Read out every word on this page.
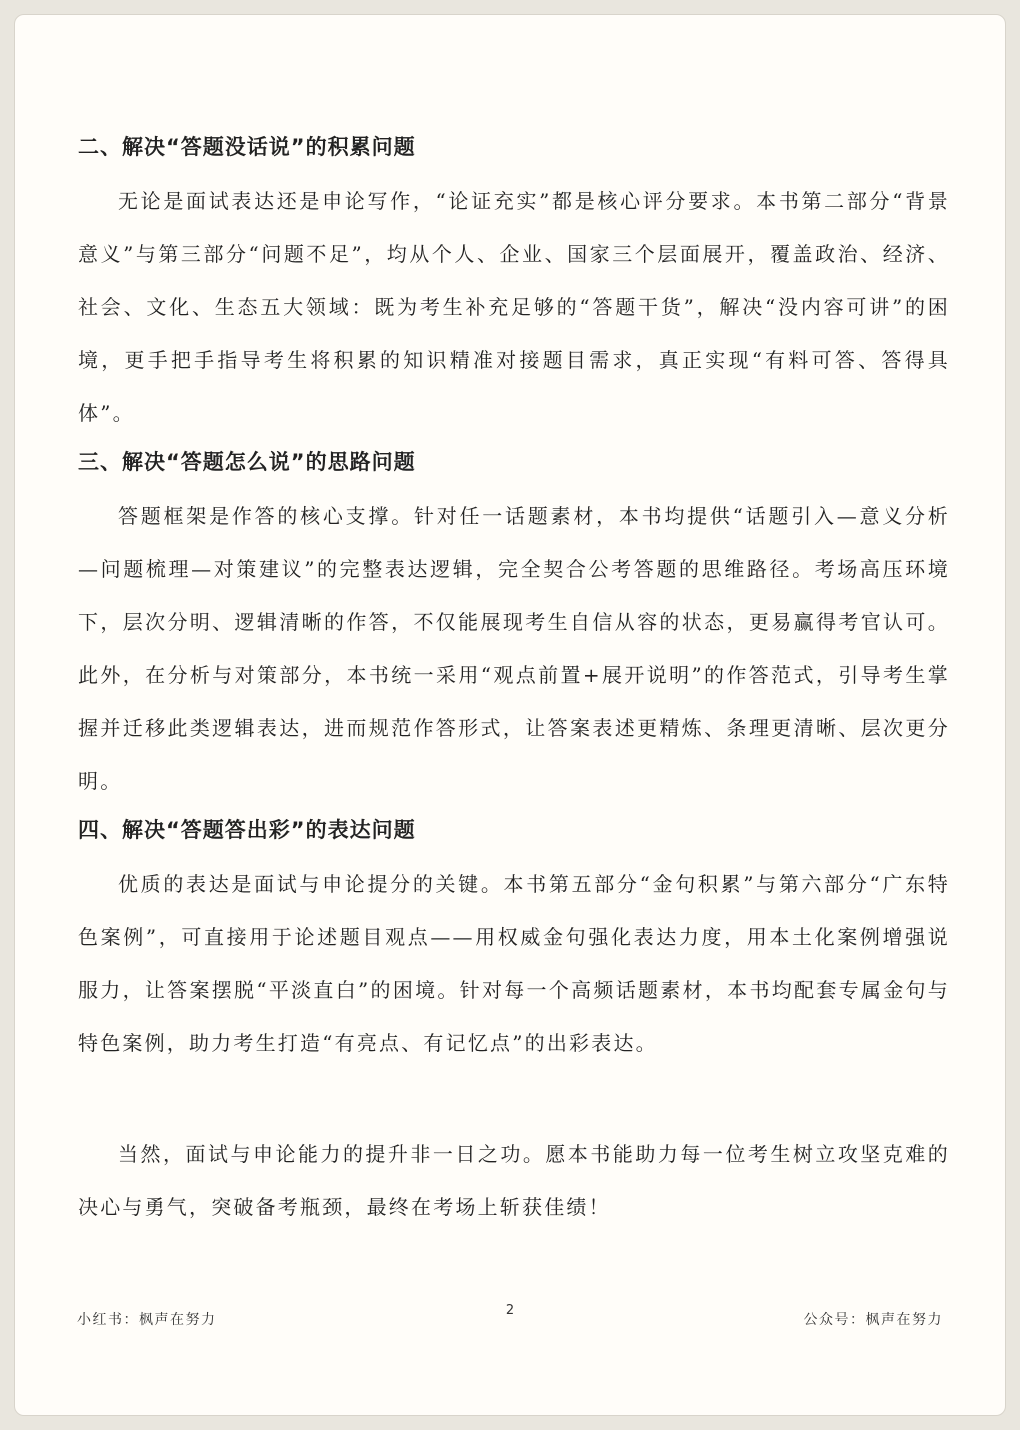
二、解决“答题没话说”的积累问题
无论是面试表达还是申论写作，“论证充实”都是核心评分要求。本书第二部分“背景意义”与第三部分“问题不足”，均从个人、企业、国家三个层面展开，覆盖政治、经济、社会、文化、生态五大领域：既为考生补充足够的“答题干货”，解决“没内容可讲”的困境，更手把手指导考生将积累的知识精准对接题目需求，真正实现“有料可答、答得具体”。
三、解决“答题怎么说”的思路问题
答题框架是作答的核心支撑。针对任一话题素材，本书均提供“话题引入—意义分析—问题梳理—对策建议”的完整表达逻辑，完全契合公考答题的思维路径。考场高压环境下，层次分明、逻辑清晰的作答，不仅能展现考生自信从容的状态，更易赢得考官认可。此外，在分析与对策部分，本书统一采用“观点前置+展开说明”的作答范式，引导考生掌握并迁移此类逻辑表达，进而规范作答形式，让答案表述更精炼、条理更清晰、层次更分明。
四、解决“答题答出彩”的表达问题
优质的表达是面试与申论提分的关键。本书第五部分“金句积累”与第六部分“广东特色案例”，可直接用于论述题目观点——用权威金句强化表达力度，用本土化案例增强说服力，让答案摆脱“平淡直白”的困境。针对每一个高频话题素材，本书均配套专属金句与特色案例，助力考生打造“有亮点、有记忆点”的出彩表达。
当然，面试与申论能力的提升非一日之功。愿本书能助力每一位考生树立攻坚克难的决心与勇气，突破备考瓶颈，最终在考场上斩获佳绩！
小红书：枫声在努力
2
公众号：枫声在努力
